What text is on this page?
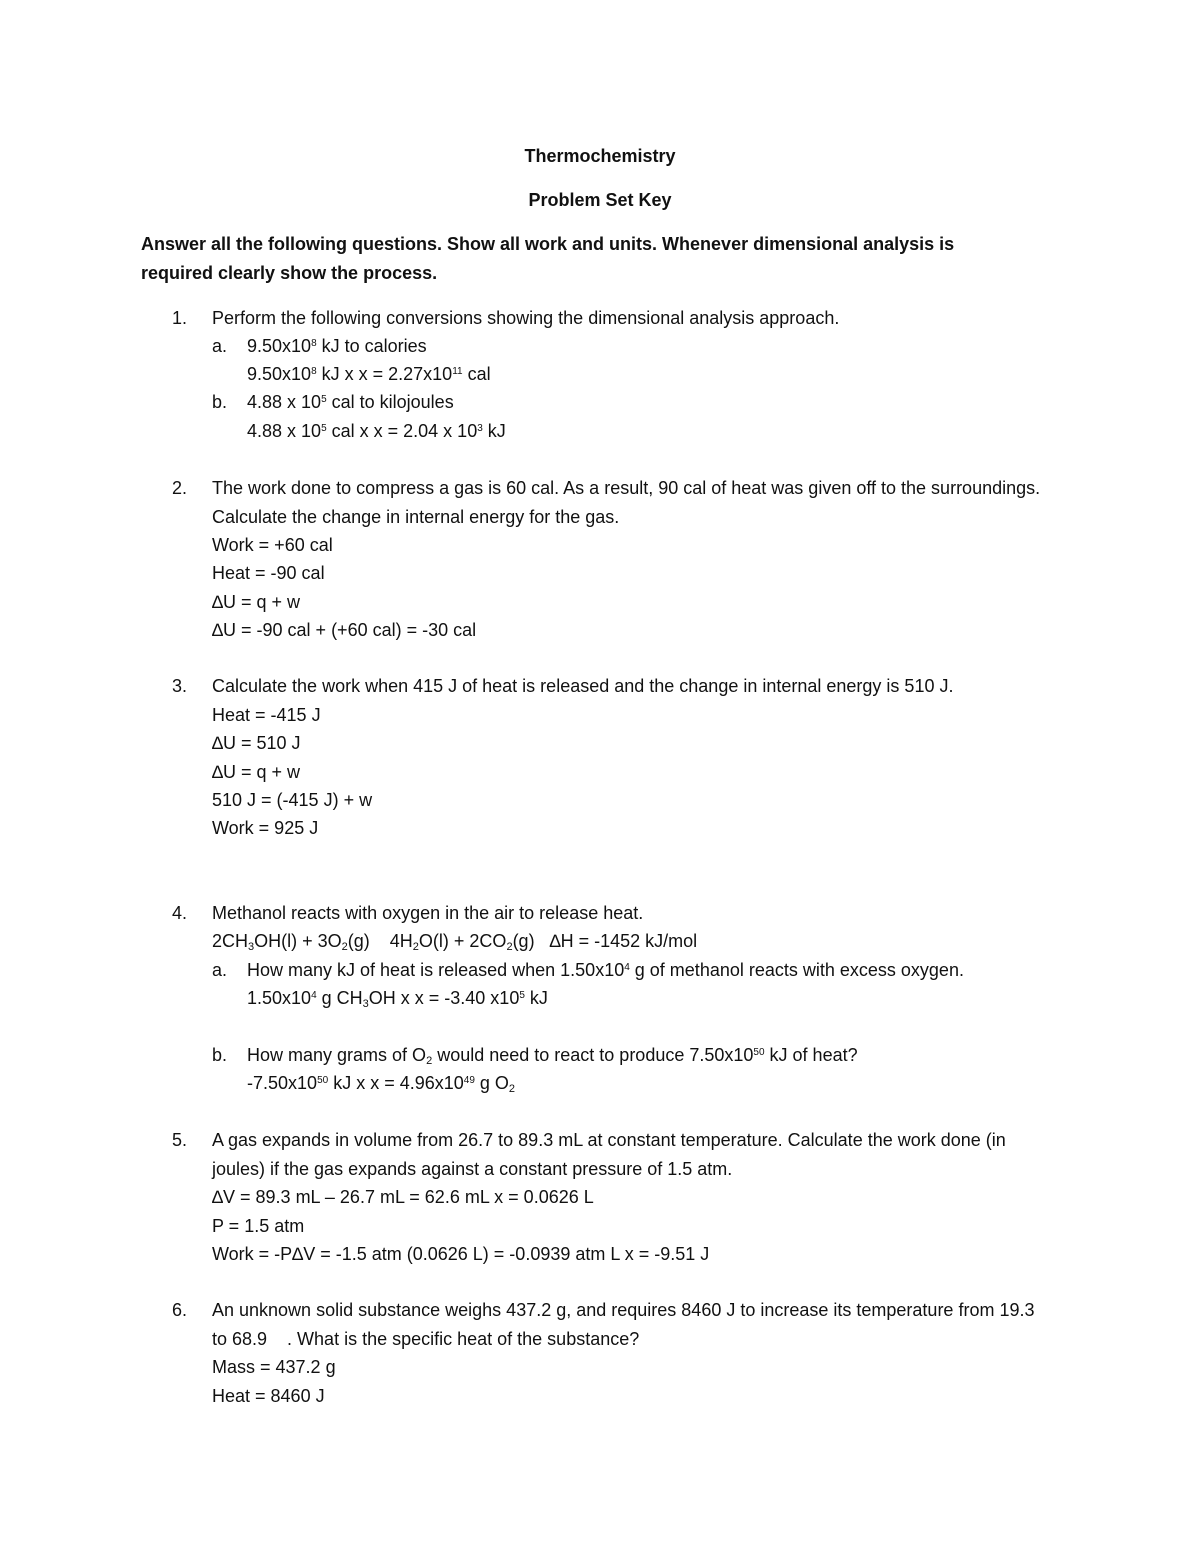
Thermochemistry
Problem Set Key
Answer all the following questions. Show all work and units. Whenever dimensional analysis is required clearly show the process.
1.	Perform the following conversions showing the dimensional analysis approach.
a.	$9.50x10^8$ kJ to calories
$9.50x10^8$ kJ x $x = 2.27x10^{11}$ cal
b.	4.88 x $10^5$ cal to kilojoules
4.88 x $10^5$ cal x x = 2.04 x $10^3$ kJ
2.	The work done to compress a gas is 60 cal. As a result, 90 cal of heat was given off to the surroundings. Calculate the change in internal energy for the gas.
Work = +60 cal
Heat = -90 cal
∆U = q + w
∆U = -90 cal + (+60 cal) = -30 cal
3.	Calculate the work when 415 J of heat is released and the change in internal energy is 510 J.
Heat = -415 J
∆U = 510 J
∆U = q + w
510 J = (-415 J) + w
Work = 925 J
4.	Methanol reacts with oxygen in the air to release heat.
$2CH_3OH(l) + 3O_2(g)$    $4H_2O(l) + 2CO_2(g) \Delta H = -1452$ kJ/mol
a.	How many kJ of heat is released when $1.50x10^4$ g of methanol reacts with excess oxygen.
$1.50x10^4$ g $CH_3OH$ x x = -3.40 $x10^5$ kJ
b.	How many grams of $O_2$ would need to react to produce $7.50x10^{50}$ kJ of heat?
$-7.50x10^{50}$ kJ x $x = 4.96x10^{49}$ g $O_2$
5.	A gas expands in volume from 26.7 to 89.3 mL at constant temperature. Calculate the work done (in joules) if the gas expands against a constant pressure of 1.5 atm.
∆V = 89.3 mL – 26.7 mL = 62.6 mL x = 0.0626 L
P = 1.5 atm
Work = -P∆V = -1.5 atm (0.0626 L) = -0.0939 atm L x = -9.51 J
6.	An unknown solid substance weighs 437.2 g, and requires 8460 J to increase its temperature from 19.3     to 68.9    . What is the specific heat of the substance?
Mass = 437.2 g
Heat = 8460 J
